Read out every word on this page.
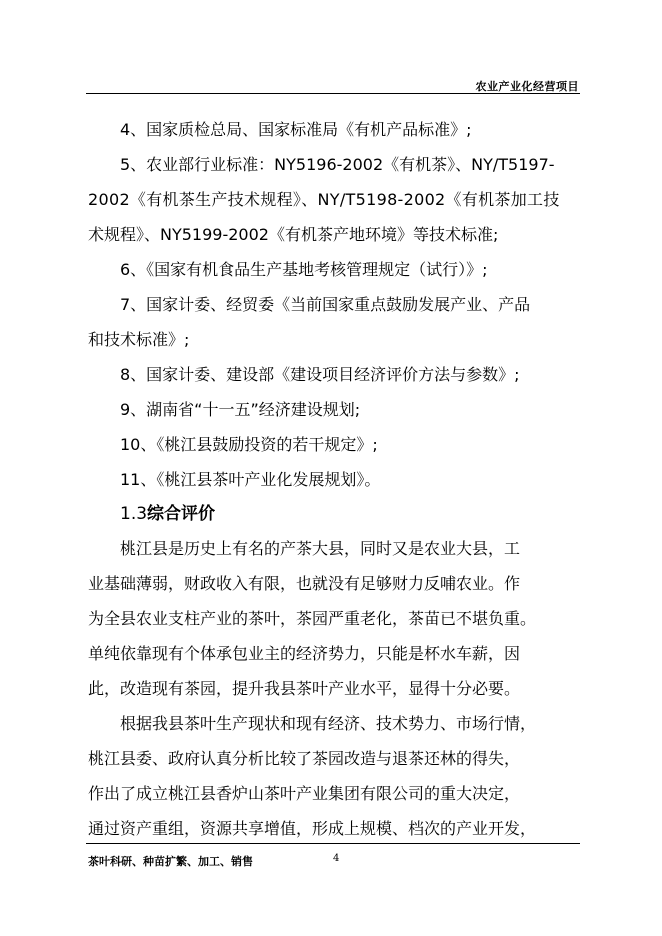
农业产业化经营项目
4、国家质检总局、国家标准局《有机产品标准》;
5、农业部行业标准：NY5196-2002《有机茶》、NY/T5197-
2002《有机茶生产技术规程》、NY/T5198-2002《有机茶加工技
术规程》、NY5199-2002《有机茶产地环境》等技术标准;
6、《国家有机食品生产基地考核管理规定（试行）》;
7、国家计委、经贸委《当前国家重点鼓励发展产业、产品
和技术标准》;
8、国家计委、建设部《建设项目经济评价方法与参数》;
9、湖南省“十一五”经济建设规划;
10、《桃江县鼓励投资的若干规定》;
11、《桃江县茶叶产业化发展规划》。
1.3综合评价
桃江县是历史上有名的产茶大县，同时又是农业大县，工
业基础薄弱，财政收入有限，也就没有足够财力反哺农业。作
为全县农业支柱产业的茶叶，茶园严重老化，茶苗已不堪负重。
单纯依靠现有个体承包业主的经济势力，只能是杯水车薪，因
此，改造现有茶园，提升我县茶叶产业水平，显得十分必要。
根据我县茶叶生产现状和现有经济、技术势力、市场行情，
桃江县委、政府认真分析比较了茶园改造与退茶还林的得失，
作出了成立桃江县香炉山茶叶产业集团有限公司的重大决定，
通过资产重组，资源共享增值，形成上规模、档次的产业开发，
茶叶科研、种苗扩繁、加工、销售	4
